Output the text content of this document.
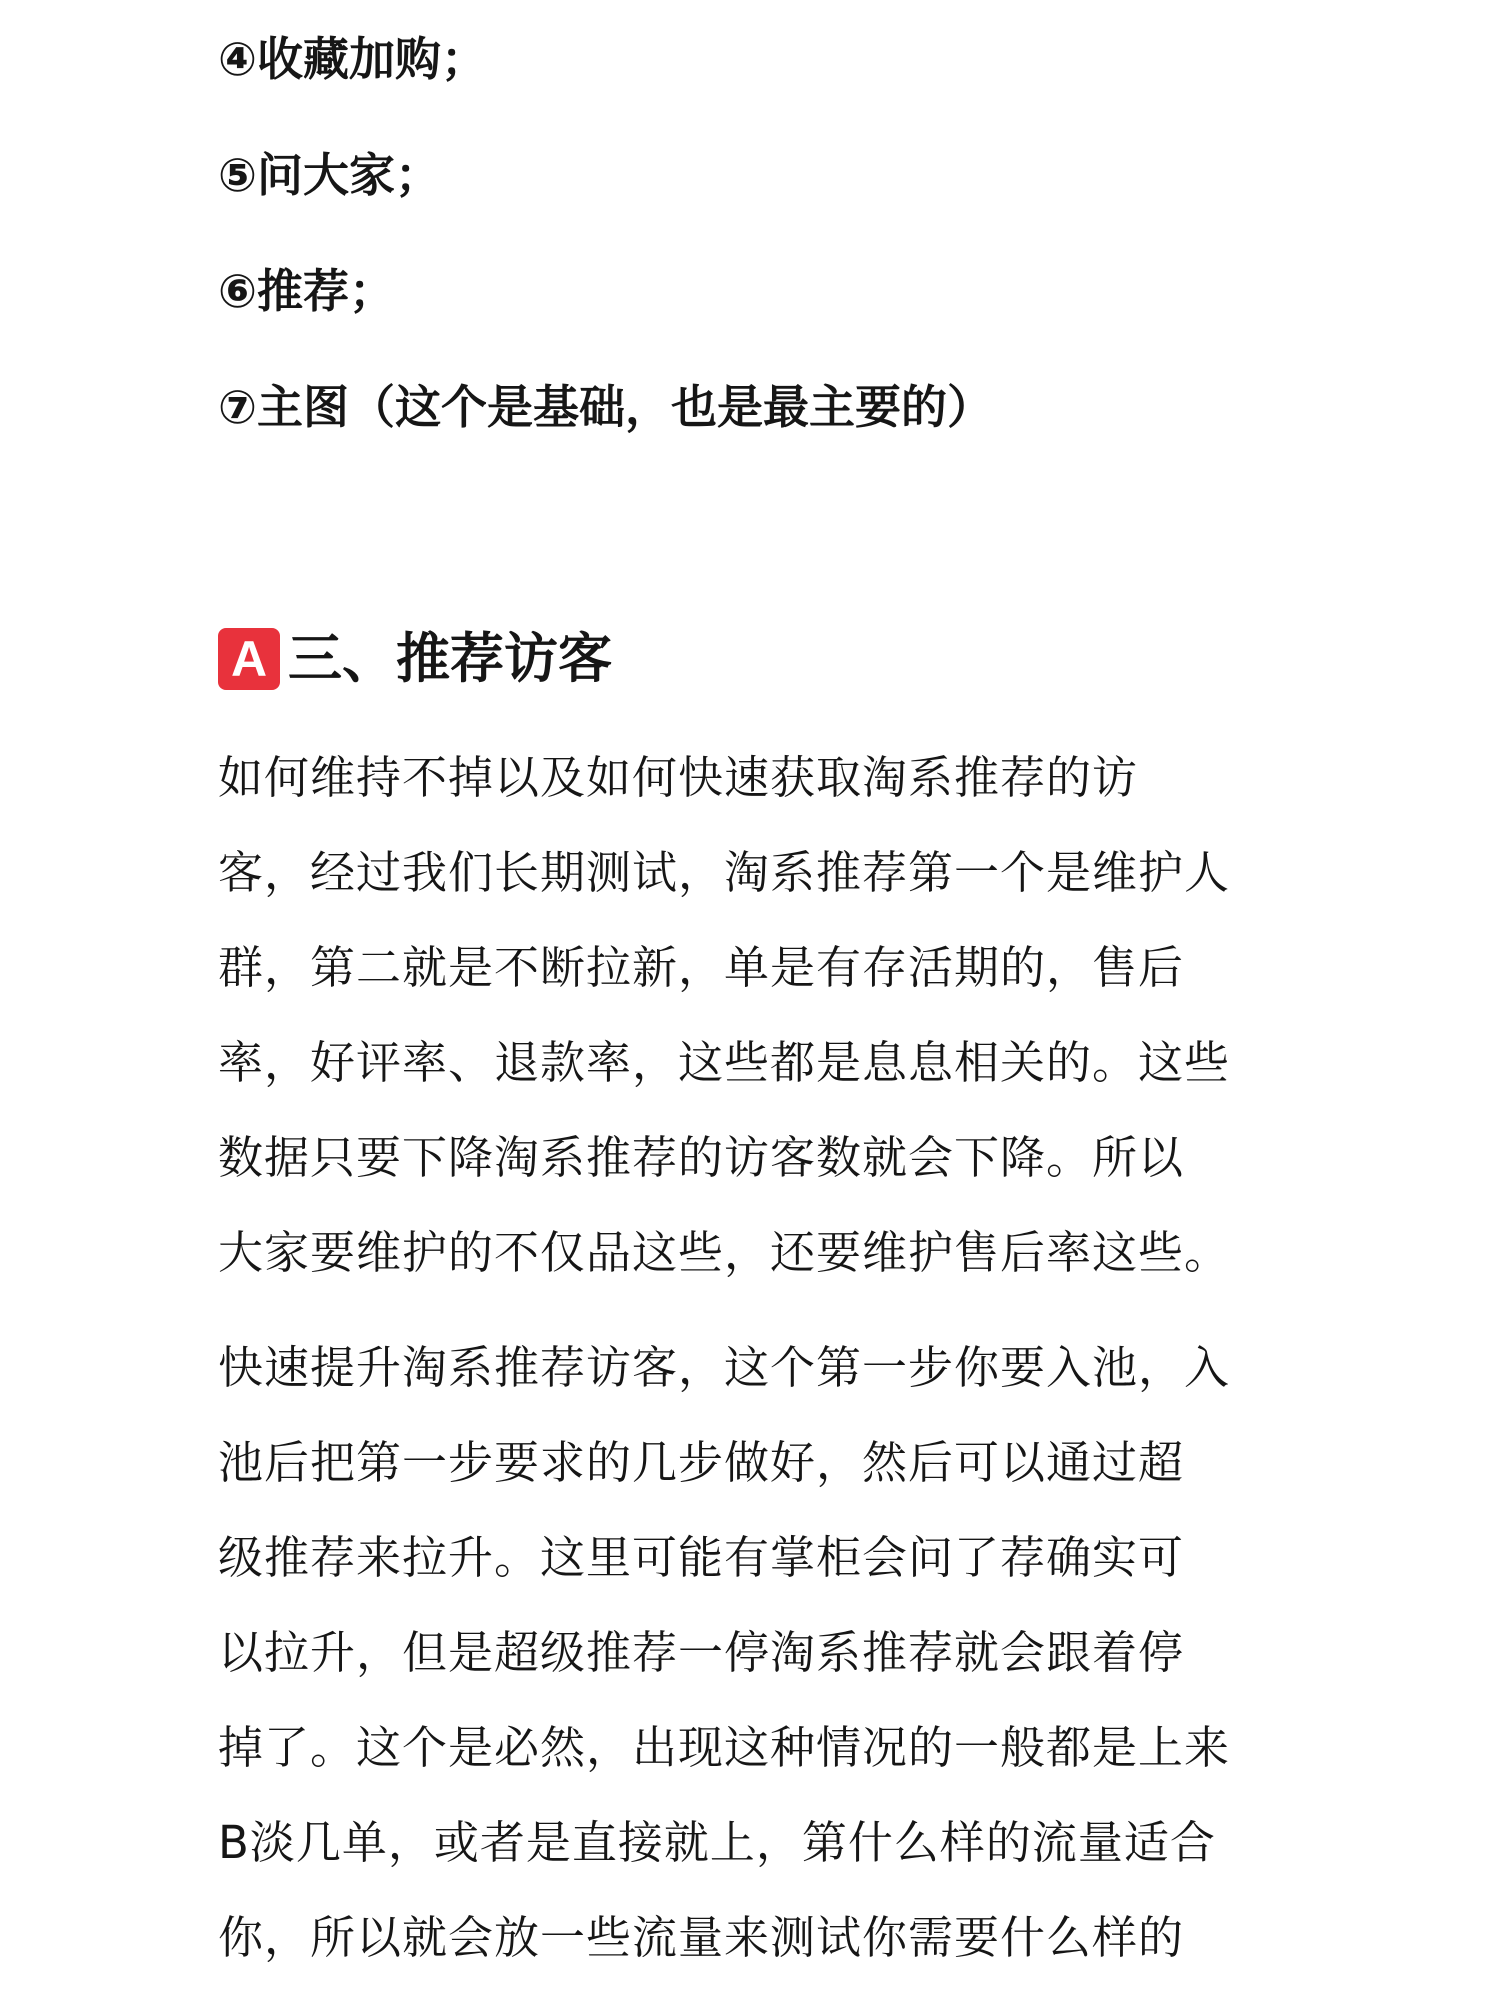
④收藏加购；
⑤问大家；
⑥推荐；
⑦主图（这个是基础，也是最主要的）
A 三、推荐访客
如何维持不掉以及如何快速获取淘系推荐的访
客，经过我们长期测试，淘系推荐第一个是维护人
群，第二就是不断拉新，单是有存活期的，售后
率，好评率、退款率，这些都是息息相关的。这些
数据只要下降淘系推荐的访客数就会下降。所以
大家要维护的不仅品这些，还要维护售后率这些。
快速提升淘系推荐访客，这个第一步你要入池，入
池后把第一步要求的几步做好，然后可以通过超
级推荐来拉升。这里可能有掌柜会问了荐确实可
以拉升，但是超级推荐一停淘系推荐就会跟着停
掉了。这个是必然，出现这种情况的一般都是上来
B淡几单，或者是直接就上，第什么样的流量适合
你，所以就会放一些流量来测试你需要什么样的
